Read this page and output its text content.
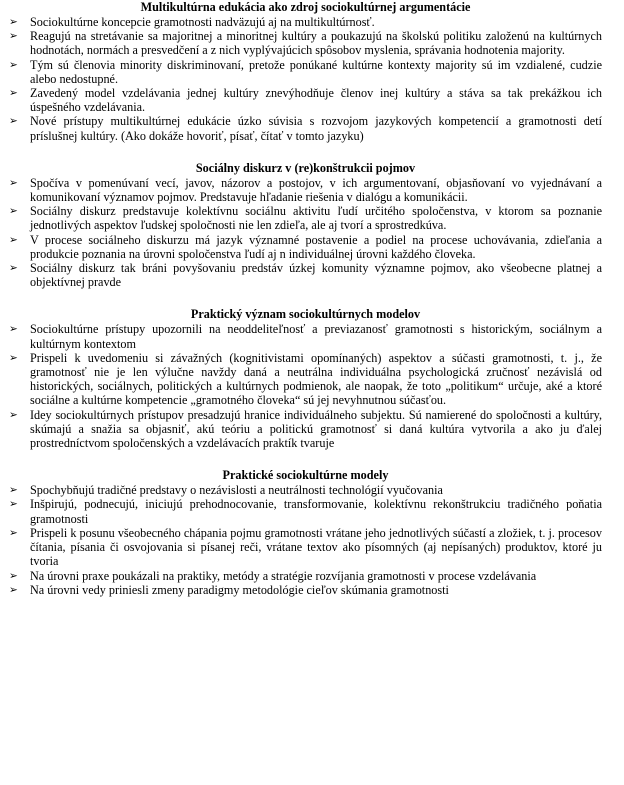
Multikultúrna edukácia ako zdroj sociokultúrnej argumentácie
➢ Sociokultúrne koncepcie gramotnosti nadväzujú aj na multikultúrnosť.
➢ Reagujú na stretávanie sa majoritnej a minoritnej kultúry a poukazujú na školskú politiku založenú na kultúrnych hodnotách, normách a presvedčení a z nich vyplývajúcich spôsobov myslenia, správania hodnotenia majority.
➢ Tým sú členovia minority diskriminovaní, pretože ponúkané kultúrne kontexty majority sú im vzdialené, cudzie alebo nedostupné.
➢ Zavedený model vzdelávania jednej kultúry znevýhodňuje členov inej kultúry a stáva sa tak prekážkou ich úspešného vzdelávania.
➢ Nové prístupy multikultúrnej edukácie úzko súvisia s rozvojom jazykových kompetencií a gramotnosti detí príslušnej kultúry. (Ako dokáže hovoriť, písať, čítať v tomto jazyku)
Sociálny diskurz v (re)konštrukcii pojmov
➢ Spočíva v pomenúvaní vecí, javov, názorov a postojov, v ich argumentovaní, objasňovaní vo vyjednávaní a komunikovaní významov pojmov. Predstavuje hľadanie riešenia v dialógu a komunikácii.
➢ Sociálny diskurz predstavuje kolektívnu sociálnu aktivitu ľudí určitého spoločenstva, v ktorom sa poznanie jednotlivých aspektov ľudskej spoločnosti nie len zdieľa, ale aj tvorí a sprostredkúva.
➢ V procese sociálneho diskurzu má jazyk významné postavenie a podiel na procese uchovávania, zdieľania a produkcie poznania na úrovni spoločenstva ľudí aj n individuálnej úrovni každého človeka.
➢ Sociálny diskurz tak bráni povyšovaniu predstáv úzkej komunity významne pojmov, ako všeobecne platnej a objektívnej pravde
Praktický význam sociokultúrnych modelov
➢ Sociokultúrne prístupy upozornili na neoddeliteľnosť a previazanosť gramotnosti s historickým, sociálnym a kultúrnym kontextom
➢ Prispeli k uvedomeniu si závažných (kognitivistami opomínaných) aspektov a súčasti gramotnosti, t. j., že gramotnosť nie je len výlučne navždy daná a neutrálna individuálna psychologická zručnosť nezávislá od historických, sociálnych, politických a kultúrnych podmienok, ale naopak, že toto „politikum“ určuje, aké a ktoré sociálne a kultúrne kompetencie „gramotného človeka“ sú jej nevyhnutnou súčasťou.
➢ Idey sociokultúrnych prístupov presadzujú hranice individuálneho subjektu. Sú namierené do spoločnosti a kultúry, skúmajú a snažia sa objasniť, akú teóriu a politickú gramotnosť si daná kultúra vytvorila a ako ju ďalej prostredníctvom spoločenských a vzdelávacích praktík tvaruje
Praktické sociokultúrne modely
➢ Spochybňujú tradičné predstavy o nezávislosti a neutrálnosti technológií vyučovania
➢ Inšpirujú, podnecujú, iniciujú prehodnocovanie, transformovanie, kolektívnu rekonštrukciu tradičného poňatia gramotnosti
➢ Prispeli k posunu všeobecného chápania pojmu gramotnosti vrátane jeho jednotlivých súčastí a zložiek, t. j. procesov čítania, písania či osvojovania si písanej reči, vrátane textov ako písomných (aj nepísaných) produktov, ktoré ju tvoria
➢ Na úrovni praxe poukázali na praktiky, metódy a stratégie rozvíjania gramotnosti v procese vzdelávania
➢ Na úrovni vedy priniesli zmeny paradigmy metodológie cieľov skúmania gramotnosti
